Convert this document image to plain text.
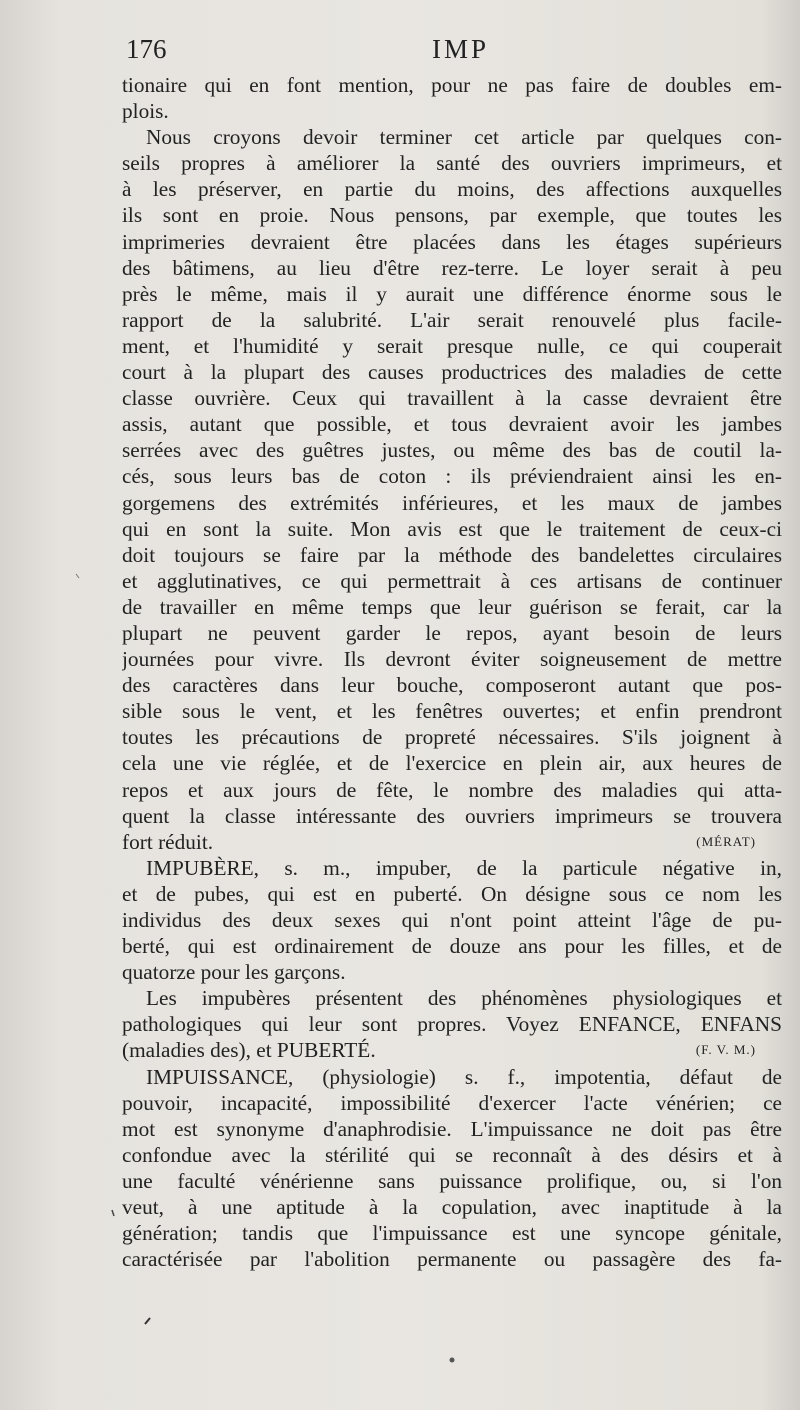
176	IMP
tionaire qui en font mention, pour ne pas faire de doubles em-
plois.
Nous croyons devoir terminer cet article par quelques con-
seils propres à améliorer la santé des ouvriers imprimeurs, et
à les préserver, en partie du moins, des affections auxquelles
ils sont en proie. Nous pensons, par exemple, que toutes les
imprimeries devraient être placées dans les étages supérieurs
des bâtimens, au lieu d'être rez-terre. Le loyer serait à peu
près le même, mais il y aurait une différence énorme sous le
rapport de la salubrité. L'air serait renouvelé plus facile-
ment, et l'humidité y serait presque nulle, ce qui couperait
court à la plupart des causes productrices des maladies de cette
classe ouvrière. Ceux qui travaillent à la casse devraient être
assis, autant que possible, et tous devraient avoir les jambes
serrées avec des guêtres justes, ou même des bas de coutil la-
cés, sous leurs bas de coton : ils préviendraient ainsi les en-
gorgemens des extrémités inférieures, et les maux de jambes
qui en sont la suite. Mon avis est que le traitement de ceux-ci
doit toujours se faire par la méthode des bandelettes circulaires
et agglutinatives, ce qui permettrait à ces artisans de continuer
de travailler en même temps que leur guérison se ferait, car la
plupart ne peuvent garder le repos, ayant besoin de leurs
journées pour vivre. Ils devront éviter soigneusement de mettre
des caractères dans leur bouche, composeront autant que pos-
sible sous le vent, et les fenêtres ouvertes; et enfin prendront
toutes les précautions de propreté nécessaires. S'ils joignent à
cela une vie réglée, et de l'exercice en plein air, aux heures de
repos et aux jours de fête, le nombre des maladies qui atta-
quent la classe intéressante des ouvriers imprimeurs se trouvera
fort réduit.	(MÉRAT)
IMPUBÈRE, s. m., impuber, de la particule négative in,
et de pubes, qui est en puberté. On désigne sous ce nom les
individus des deux sexes qui n'ont point atteint l'âge de pu-
berté, qui est ordinairement de douze ans pour les filles, et de
quatorze pour les garçons.
Les impubères présentent des phénomènes physiologiques et
pathologiques qui leur sont propres. Voyez ENFANCE, ENFANS
(maladies des), et PUBERTÉ.	(F. V. M.)
IMPUISSANCE, (physiologie) s. f., impotentia, défaut de
pouvoir, incapacité, impossibilité d'exercer l'acte vénérien; ce
mot est synonyme d'anaphrodisie. L'impuissance ne doit pas être
confondue avec la stérilité qui se reconnaît à des désirs et à
une faculté vénérienne sans puissance prolifique, ou, si l'on
veut, à une aptitude à la copulation, avec inaptitude à la
génération; tandis que l'impuissance est une syncope génitale,
caractérisée par l'abolition permanente ou passagère des fa-
